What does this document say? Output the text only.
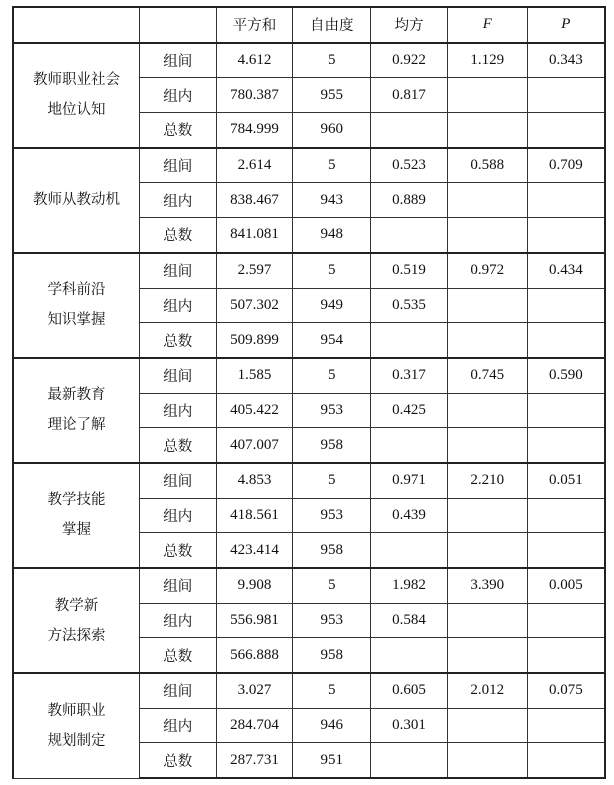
		平方和	自由度	均方	F	P

教师职业社会
地位认知	组间	4.612	5	0.922	1.129	0.343
	组内	780.387	955	0.817		
	总数	784.999	960			

教师从教动机	组间	2.614	5	0.523	0.588	0.709
	组内	838.467	943	0.889		
	总数	841.081	948			

学科前沿
知识掌握	组间	2.597	5	0.519	0.972	0.434
	组内	507.302	949	0.535		
	总数	509.899	954			

最新教育
理论了解	组间	1.585	5	0.317	0.745	0.590
	组内	405.422	953	0.425		
	总数	407.007	958			

教学技能
掌握	组间	4.853	5	0.971	2.210	0.051
	组内	418.561	953	0.439		
	总数	423.414	958			

教学新
方法探索	组间	9.908	5	1.982	3.390	0.005
	组内	556.981	953	0.584		
	总数	566.888	958			

教师职业
规划制定	组间	3.027	5	0.605	2.012	0.075
	组内	284.704	946	0.301		
	总数	287.731	951			
